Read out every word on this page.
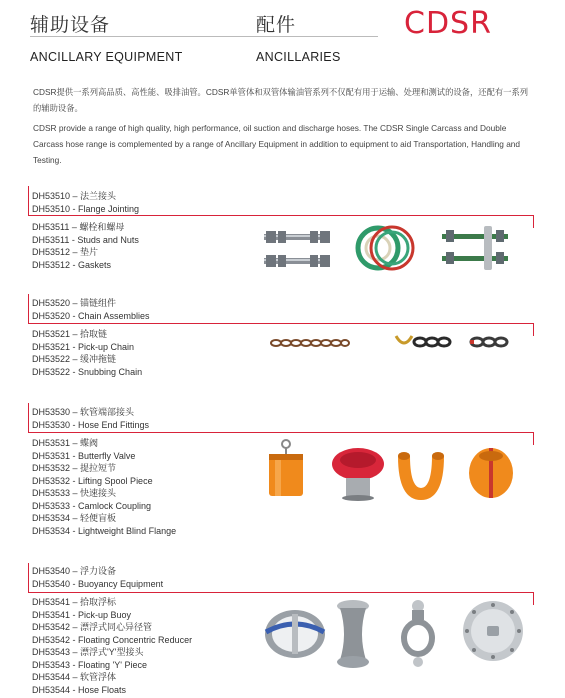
辅助设备	配件
ANCILLARY EQUIPMENT	ANCILLARIES
CDSR
CDSR提供一系列高品质、高性能、吸排油管。CDSR单管体和双管体输油管系列不仅配有用于运输、处理和测试的设备，还配有一系列的辅助设备。
CDSR provide a range of high quality, high performance, oil suction and discharge hoses. The CDSR Single Carcass and Double Carcass hose range is complemented by a range of Ancillary Equipment in addition to equipment to aid Transportation, Handling and Testing.
DH53510 – 法兰接头
DH53510 - Flange Jointing
DH53511 – 螺栓和螺母
DH53511 - Studs and Nuts
DH53512 – 垫片
DH53512 - Gaskets
DH53520 – 锚链组件
DH53520 - Chain Assemblies
DH53521 – 拾取链
DH53521 - Pick-up Chain
DH53522 – 缓冲拖链
DH53522 - Snubbing Chain
DH53530 – 软管端部接头
DH53530 - Hose End Fittings
DH53531 – 蝶阀
DH53531 - Butterfly Valve
DH53532 – 提拉短节
DH53532 - Lifting Spool Piece
DH53533 – 快速接头
DH53533 - Camlock Coupling
DH53534 – 轻便盲板
DH53534 - Lightweight Blind Flange
DH53540 – 浮力设备
DH53540 - Buoyancy Equipment
DH53541 – 拾取浮标
DH53541 - Pick-up Buoy
DH53542 – 漂浮式同心异径管
DH53542 - Floating Concentric Reducer
DH53543 – 漂浮式'Y'型接头
DH53543 - Floating 'Y' Piece
DH53544 – 软管浮体
DH53544 - Hose Floats
